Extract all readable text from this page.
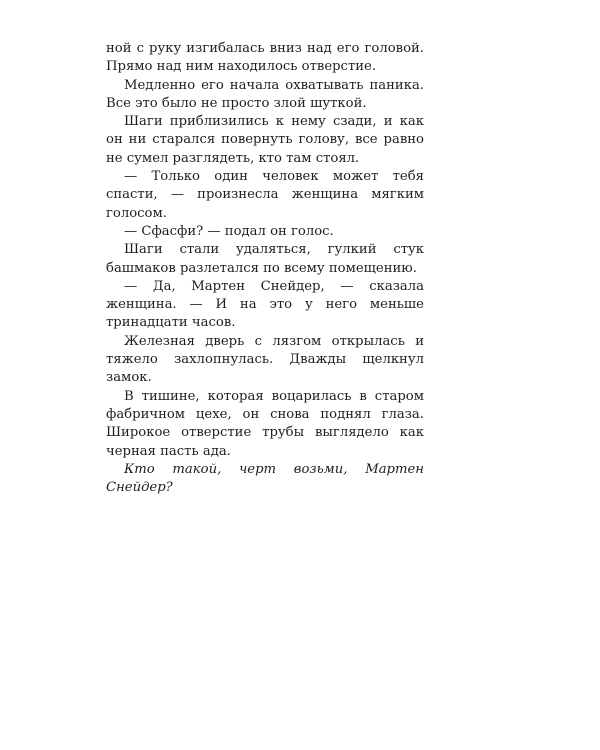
ной с руку изгибалась вниз над его головой. Прямо над ним находилось отверстие.

Медленно его начала охватывать паника. Все это было не просто злой шуткой.

Шаги приблизились к нему сзади, и как он ни старался повернуть голову, все равно не сумел разглядеть, кто там стоял.

— Только один человек может тебя спасти, — произнесла женщина мягким голосом.

— Сфасфи? — подал он голос.

Шаги стали удаляться, гулкий стук башмаков разлетался по всему помещению.

— Да, Мартен Снейдер, — сказала женщина. — И на это у него меньше тринадцати часов.

Железная дверь с лязгом открылась и тяжело захлопнулась. Дважды щелкнул замок.

В тишине, которая воцарилась в старом фабричном цехе, он снова поднял глаза. Широкое отверстие трубы выглядело как черная пасть ада.

Кто такой, черт возьми, Мартен Снейдер?
